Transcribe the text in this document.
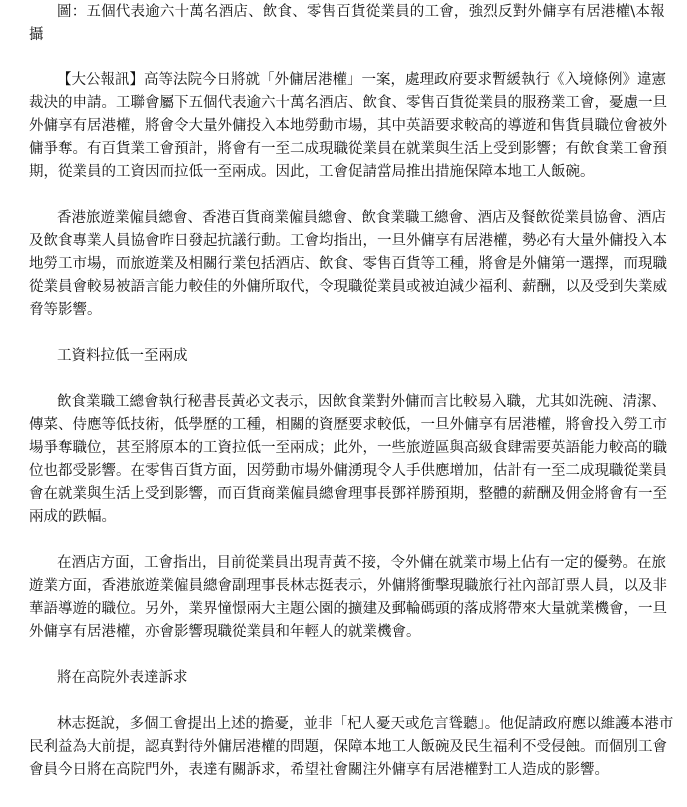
圖：五個代表逾六十萬名酒店、飲食、零售百貨從業員的工會，強烈反對外傭享有居港權\本報攝

【大公報訊】高等法院今日將就「外傭居港權」一案，處理政府要求暫緩執行《入境條例》違憲裁決的申請。工聯會屬下五個代表逾六十萬名酒店、飲食、零售百貨從業員的服務業工會，憂慮一旦外傭享有居港權，將會令大量外傭投入本地勞動市場，其中英語要求較高的導遊和售貨員職位會被外傭爭奪。有百貨業工會預計，將會有一至二成現職從業員在就業與生活上受到影響；有飲食業工會預期，從業員的工資因而拉低一至兩成。因此，工會促請當局推出措施保障本地工人飯碗。

香港旅遊業僱員總會、香港百貨商業僱員總會、飲食業職工總會、酒店及餐飲從業員協會、酒店及飲食專業人員協會昨日發起抗議行動。工會均指出，一旦外傭享有居港權，勢必有大量外傭投入本地勞工市場，而旅遊業及相關行業包括酒店、飲食、零售百貨等工種，將會是外傭第一選擇，而現職從業員會較易被語言能力較佳的外傭所取代，令現職從業員或被迫減少福利、薪酬，以及受到失業威脅等影響。

工資料拉低一至兩成

飲食業職工總會執行秘書長黃必文表示，因飲食業對外傭而言比較易入職，尤其如洗碗、清潔、傳菜、侍應等低技術，低學歷的工種，相關的資歷要求較低，一旦外傭享有居港權，將會投入勞工市場爭奪職位，甚至將原本的工資拉低一至兩成；此外，一些旅遊區與高級食肆需要英語能力較高的職位也都受影響。在零售百貨方面，因勞動市場外傭湧現令人手供應增加，估計有一至二成現職從業員會在就業與生活上受到影響，而百貨商業僱員總會理事長鄧祥勝預期，整體的薪酬及佣金將會有一至兩成的跌幅。

在酒店方面，工會指出，目前從業員出現青黃不接，令外傭在就業市場上佔有一定的優勢。在旅遊業方面，香港旅遊業僱員總會副理事長林志挺表示，外傭將衝擊現職旅行社內部訂票人員，以及非華語導遊的職位。另外，業界憧憬兩大主題公園的擴建及郵輪碼頭的落成將帶來大量就業機會，一旦外傭享有居港權，亦會影響現職從業員和年輕人的就業機會。

將在高院外表達訴求

林志挺說，多個工會提出上述的擔憂，並非「杞人憂天或危言聳聽」。他促請政府應以維護本港市民利益為大前提，認真對待外傭居港權的問題，保障本地工人飯碗及民生福利不受侵蝕。而個別工會會員今日將在高院門外，表達有關訴求，希望社會關注外傭享有居港權對工人造成的影響。
